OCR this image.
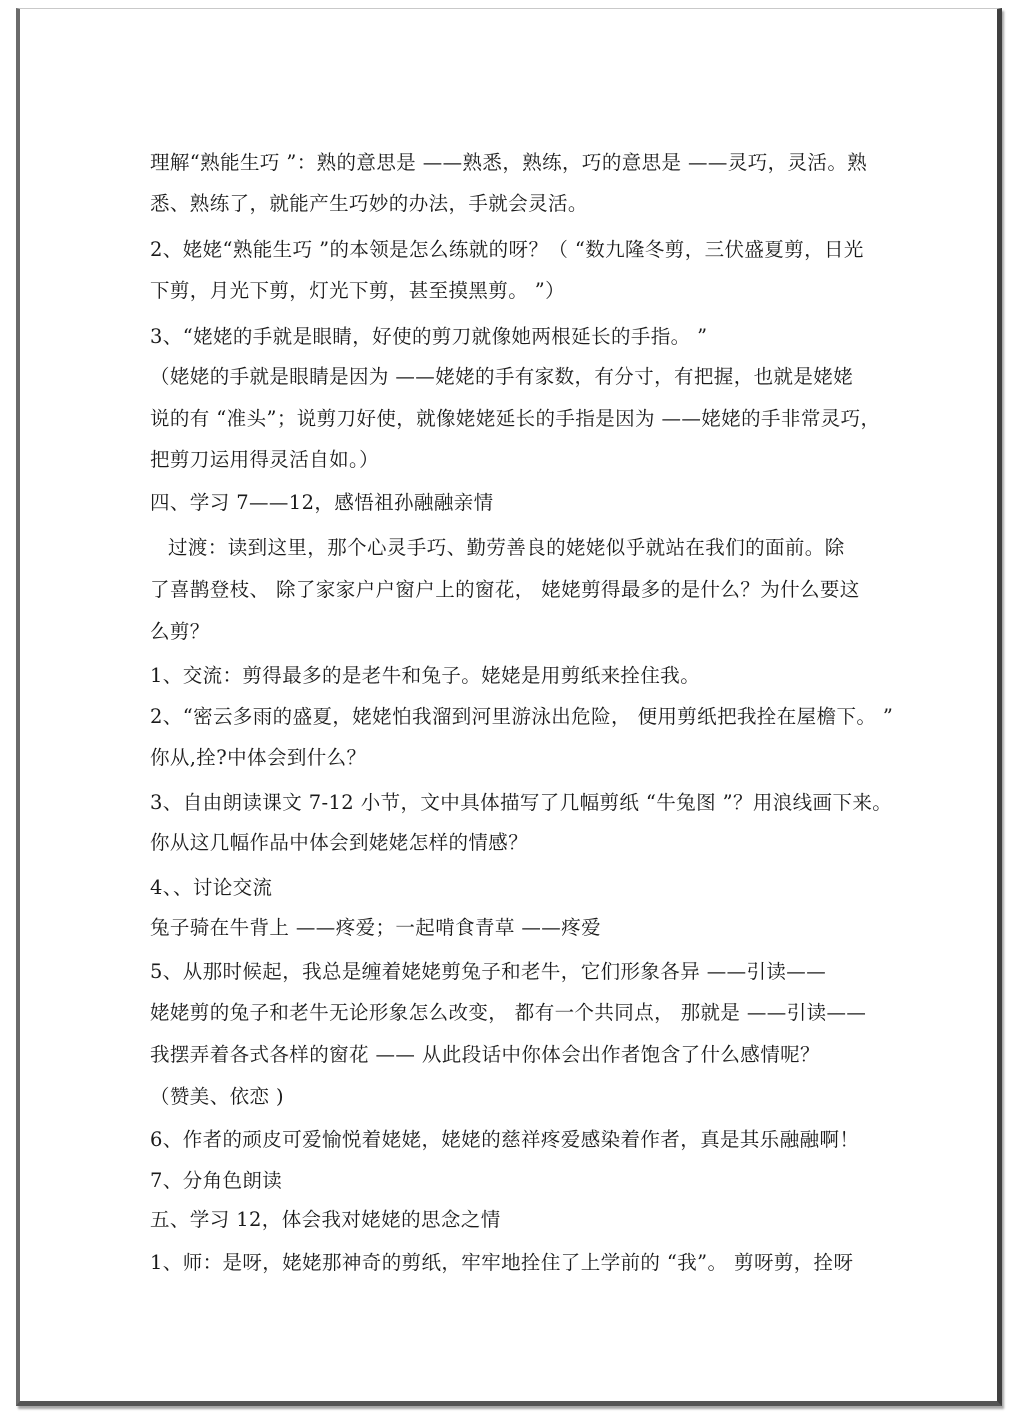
理解“熟能生巧 ”：熟的意思是 ——熟悉，熟练，巧的意思是 ——灵巧，灵活。熟
悉、熟练了，就能产生巧妙的办法，手就会灵活。
2、姥姥“熟能生巧 ”的本领是怎么练就的呀？（ “数九隆冬剪，三伏盛夏剪，日光
下剪，月光下剪，灯光下剪，甚至摸黑剪。 ”）
3、“姥姥的手就是眼睛，好使的剪刀就像她两根延长的手指。 ”
（姥姥的手就是眼睛是因为 ——姥姥的手有家数，有分寸，有把握，也就是姥姥
说的有 “准头”；说剪刀好使，就像姥姥延长的手指是因为 ——姥姥的手非常灵巧，
把剪刀运用得灵活自如。）
四、学习 7——12，感悟祖孙融融亲情
过渡：读到这里，那个心灵手巧、勤劳善良的姥姥似乎就站在我们的面前。除
了喜鹊登枝、 除了家家户户窗户上的窗花， 姥姥剪得最多的是什么？为什么要这
么剪？
1、交流：剪得最多的是老牛和兔子。姥姥是用剪纸来拴住我。
2、“密云多雨的盛夏，姥姥怕我溜到河里游泳出危险， 便用剪纸把我拴在屋檐下。 ”
你从,拴?中体会到什么？
3、自由朗读课文 7-12 小节，文中具体描写了几幅剪纸 “牛兔图 ”？用浪线画下来。
你从这几幅作品中体会到姥姥怎样的情感？
4、、讨论交流
兔子骑在牛背上 ——疼爱；一起啃食青草 ——疼爱
5、从那时候起，我总是缠着姥姥剪兔子和老牛，它们形象各异 ——引读——
姥姥剪的兔子和老牛无论形象怎么改变， 都有一个共同点， 那就是 ——引读——
我摆弄着各式各样的窗花 —— 从此段话中你体会出作者饱含了什么感情呢？
（赞美、依恋 )
6、作者的顽皮可爱愉悦着姥姥，姥姥的慈祥疼爱感染着作者，真是其乐融融啊！
7、分角色朗读
五、学习 12，体会我对姥姥的思念之情
1、师：是呀，姥姥那神奇的剪纸，牢牢地拴住了上学前的 “我”。 剪呀剪，拴呀
